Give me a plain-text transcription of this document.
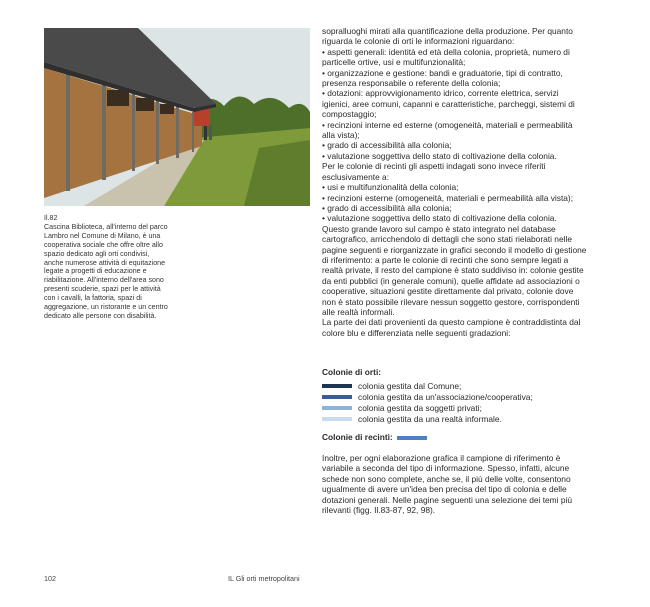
Il.82
Cascina Biblioteca, all'interno del parco Lambro nel Comune di Milano, è una cooperativa sociale che offre oltre allo spazio dedicato agli orti condivisi, anche numerose attività di equitazione legate a progetti di educazione e riabilitazione. All'interno dell'area sono presenti scuderie, spazi per le attività con i cavalli, la fattoria, spazi di aggregazione, un ristorante e un centro dedicato alle persone con disabilità.

sopralluoghi mirati alla quantificazione della produzione. Per quanto

riguarda le colonie di orti le informazioni riguardano:

• aspetti generali: identità ed età della colonia, proprietà, numero di

particelle ortive, usi e multifunzionalità;

• organizzazione e gestione: bandi e graduatorie, tipi di contratto,

presenza responsabile o referente della colonia;

• dotazioni: approvvigionamento idrico, corrente elettrica, servizi

igienici, aree comuni, capanni e caratteristiche, parcheggi, sistemi di

compostaggio;

• recinzioni interne ed esterne (omogeneità, materiali e permeabilità

alla vista);

• grado di accessibilità alla colonia;

• valutazione soggettiva dello stato di coltivazione della colonia.

Per le colonie di recinti gli aspetti indagati sono invece riferiti

esclusivamente a:

• usi e multifunzionalità della colonia;

• recinzioni esterne (omogeneità, materiali e permeabilità alla vista);

• grado di accessibilità alla colonia;

• valutazione soggettiva dello stato di coltivazione della colonia.

Questo grande lavoro sul campo è stato integrato nel database

cartografico, arricchendolo di dettagli che sono stati rielaborati nelle

pagine seguenti e riorganizzate in grafici secondo il modello di gestione

di riferimento: a parte le colonie di recinti che sono sempre legati a

realtà private, il resto del campione è stato suddiviso in: colonie gestite

da enti pubblici (in generale comuni), quelle affidate ad associazioni o

cooperative, situazioni gestite direttamente dal privato, colonie dove

non è stato possibile rilevare nessun soggetto gestore, corrispondenti

alle realtà informali.

La parte dei dati provenienti da questo campione è contraddistinta dal

colore blu e differenziata nelle seguenti gradazioni:

Colonie di orti:
colonia gestita dal Comune;
colonia gestita da un'associazione/cooperativa;
colonia gestita da soggetti privati;
colonia gestita da una realtà informale.
Colonie di recinti:
Inoltre, per ogni elaborazione grafica il campione di riferimento è
variabile a seconda del tipo di informazione. Spesso, infatti, alcune
schede non sono complete, anche se, il più delle volte, consentono
ugualmente di avere un'idea ben precisa del tipo di colonia e delle
dotazioni generali. Nelle pagine seguenti una selezione dei temi più
rilevanti (figg. Il.83-87, 92, 98).
102	IL Gli orti metropolitani
